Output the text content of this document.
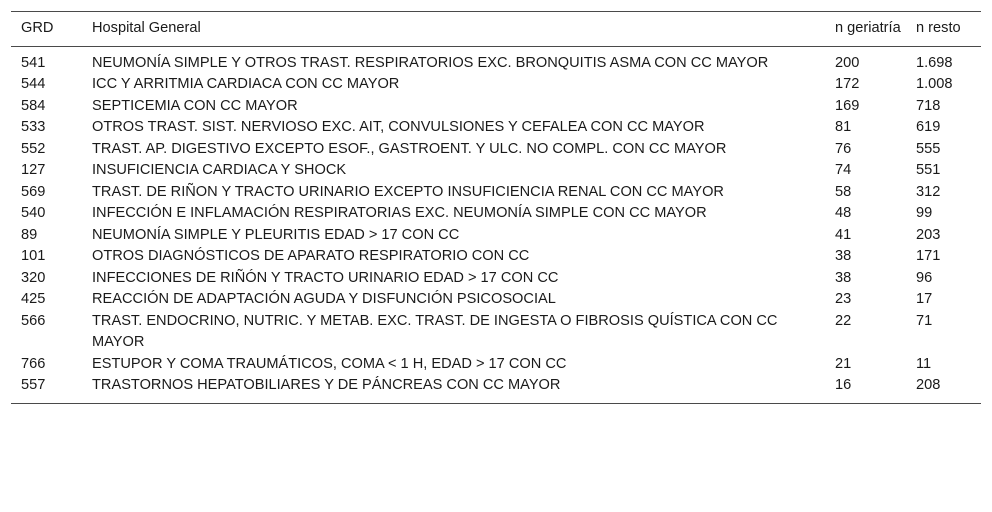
GRD	Hospital General	n geriatría	n resto
541	NEUMONÍA SIMPLE Y OTROS TRAST. RESPIRATORIOS EXC. BRONQUITIS ASMA CON CC MAYOR	200	1.698
544	ICC Y ARRITMIA CARDIACA CON CC MAYOR	172	1.008
584	SEPTICEMIA CON CC MAYOR	169	718
533	OTROS TRAST. SIST. NERVIOSO EXC. AIT, CONVULSIONES Y CEFALEA CON CC MAYOR	81	619
552	TRAST. AP. DIGESTIVO EXCEPTO ESOF., GASTROENT. Y ULC. NO COMPL. CON CC MAYOR	76	555
127	INSUFICIENCIA CARDIACA Y SHOCK	74	551
569	TRAST. DE RIÑON Y TRACTO URINARIO EXCEPTO INSUFICIENCIA RENAL CON CC MAYOR	58	312
540	INFECCIÓN E INFLAMACIÓN RESPIRATORIAS EXC. NEUMONÍA SIMPLE CON CC MAYOR	48	99
89	NEUMONÍA SIMPLE Y PLEURITIS EDAD > 17 CON CC	41	203
101	OTROS DIAGNÓSTICOS DE APARATO RESPIRATORIO CON CC	38	171
320	INFECCIONES DE RIÑÓN Y TRACTO URINARIO EDAD > 17 CON CC	38	96
425	REACCIÓN DE ADAPTACIÓN AGUDA Y DISFUNCIÓN PSICOSOCIAL	23	17
566	TRAST. ENDOCRINO, NUTRIC. Y METAB. EXC. TRAST. DE INGESTA O FIBROSIS QUÍSTICA CON CC MAYOR	22	71
766	ESTUPOR Y COMA TRAUMÁTICOS, COMA < 1 H, EDAD > 17 CON CC	21	11
557	TRASTORNOS HEPATOBILIARES Y DE PÁNCREAS CON CC MAYOR	16	208
